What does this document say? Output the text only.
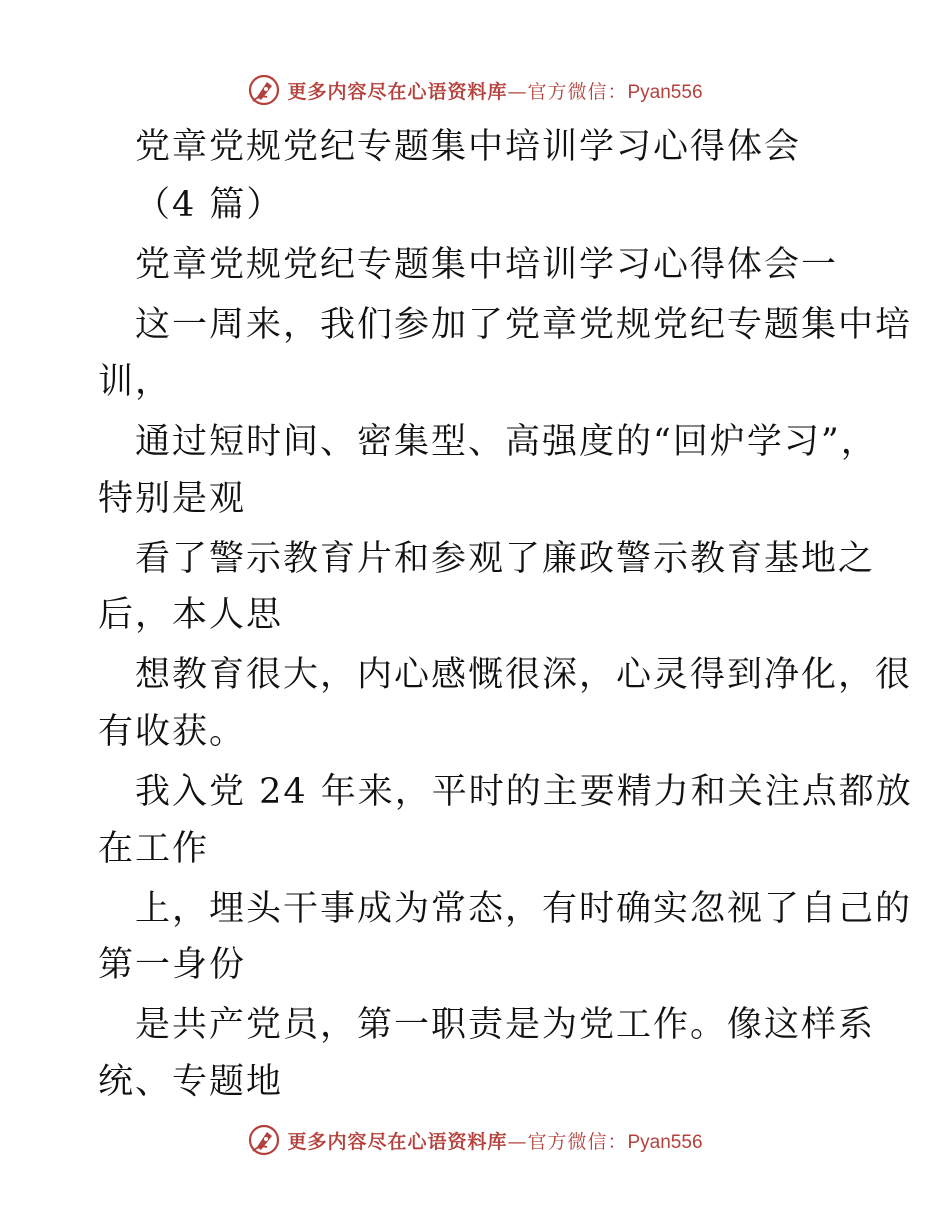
更多内容尽在心语资料库—官方微信：Pyan556
党章党规党纪专题集中培训学习心得体会
（4 篇）
党章党规党纪专题集中培训学习心得体会一
这一周来，我们参加了党章党规党纪专题集中培
训，
通过短时间、密集型、高强度的“回炉学习”，
特别是观
看了警示教育片和参观了廉政警示教育基地之
后，本人思
想教育很大，内心感慨很深，心灵得到净化，很
有收获。
我入党 24 年来，平时的主要精力和关注点都放
在工作
上，埋头干事成为常态，有时确实忽视了自己的
第一身份
是共产党员，第一职责是为党工作。像这样系
统、专题地
更多内容尽在心语资料库—官方微信：Pyan556
